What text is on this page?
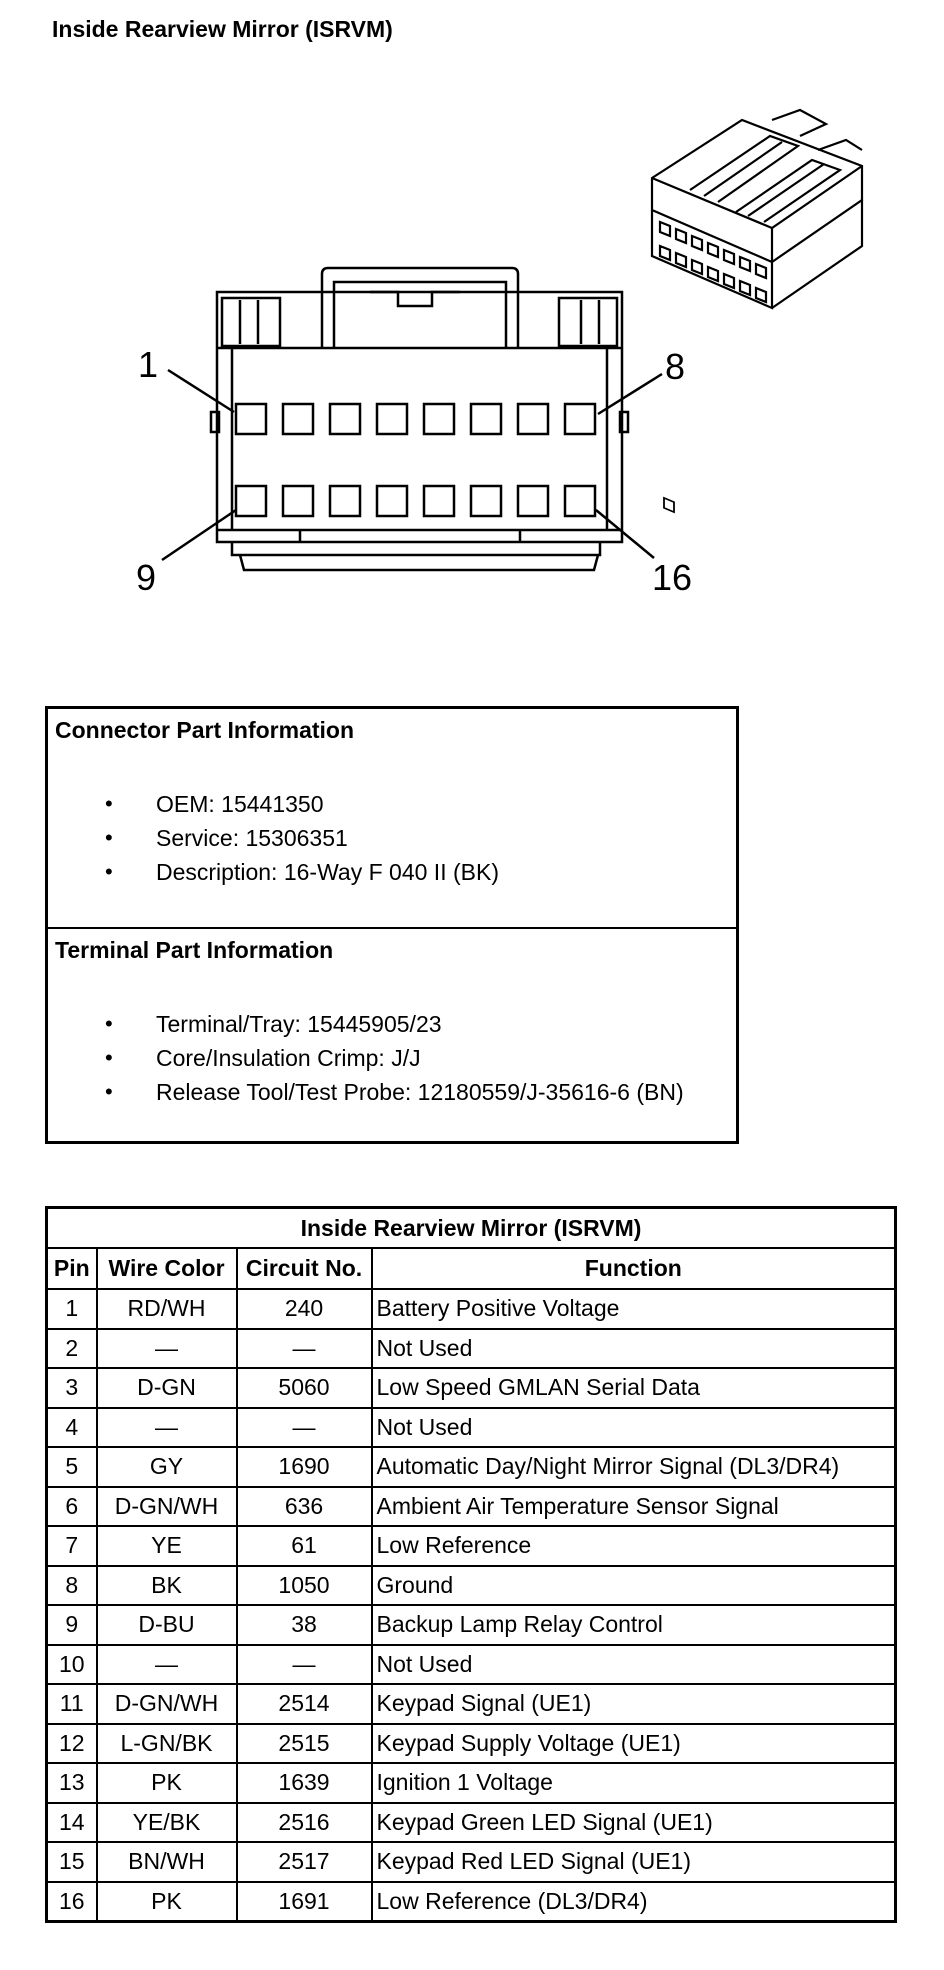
Inside Rearview Mirror (ISRVM)
1	8
9	16
Connector Part Information
• OEM: 15441350
• Service: 15306351
• Description: 16-Way F 040 II (BK)
Terminal Part Information
• Terminal/Tray: 15445905/23
• Core/Insulation Crimp: J/J
• Release Tool/Test Probe: 12180559/J-35616-6 (BN)
Inside Rearview Mirror (ISRVM)			
Pin	Wire Color	Circuit No.	Function
1	RD/WH	240	Battery Positive Voltage
2	—	—	Not Used
3	D-GN	5060	Low Speed GMLAN Serial Data
4	—	—	Not Used
5	GY	1690	Automatic Day/Night Mirror Signal (DL3/DR4)
6	D-GN/WH	636	Ambient Air Temperature Sensor Signal
7	YE	61	Low Reference
8	BK	1050	Ground
9	D-BU	38	Backup Lamp Relay Control
10	—	—	Not Used
11	D-GN/WH	2514	Keypad Signal (UE1)
12	L-GN/BK	2515	Keypad Supply Voltage (UE1)
13	PK	1639	Ignition 1 Voltage
14	YE/BK	2516	Keypad Green LED Signal (UE1)
15	BN/WH	2517	Keypad Red LED Signal (UE1)
16	PK	1691	Low Reference (DL3/DR4)
